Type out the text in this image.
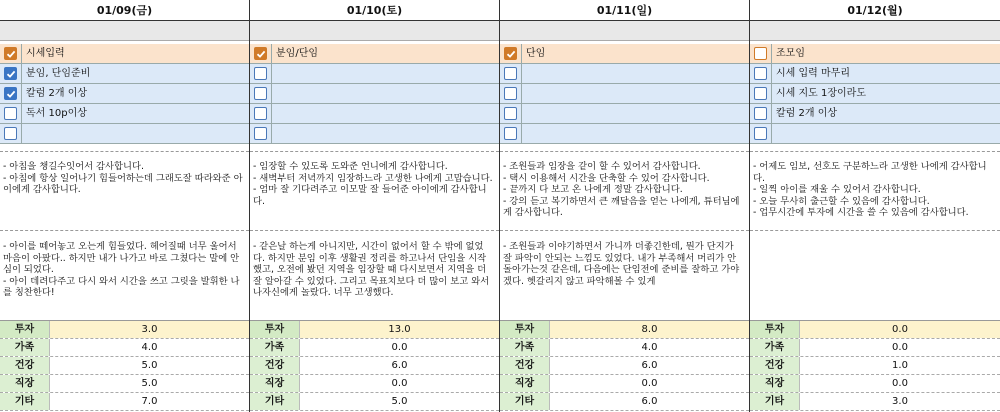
01/09(금)
시세입력
분임, 단임준비
칼럼 2개 이상
독서 10p이상
- 아침을 챙길수잇어서 감사합니다.
- 아침에 항상 일어나기 힘들어하는데 그래도잘 따라와준 아이에게 감사합니다.
- 아이를 떼어놓고 오는게 힘들었다. 헤어질때 너무 울어서 마음이 아팠다.. 하지만 내가 나가고 바로 그쳤다는 말에 안심이 되었다.
- 아이 데려다주고 다시 와서 시간을 쓰고 그릿을 발휘한 나를 칭찬한다!
투자	3.0
가족	4.0
건강	5.0
직장	5.0
기타	7.0
01/10(토)
분임/단임
- 임장할 수 있도록 도와준 언니에게 감사합니다.
- 새벽부터 저녁까지 임장하느라 고생한 나에게 고맙습니다.
- 엄마 잘 기다려주고 이모말 잘 들어준 아이에게 감사합니다.
- 같은날 하는게 아니지만, 시간이 없어서 할 수 밖에 없었다. 하지만 분임 이후 생활권 정리를 하고나서 단임을 시작했고, 오전에 봤던 지역을 임장할 때 다시보면서 지역을 더 잘 알아갈 수 있었다. 그리고 목표치보다 더 많이 보고 와서 나자신에게 놀랐다. 너무 고생했다.
투자	13.0
가족	0.0
건강	6.0
직장	0.0
기타	5.0
01/11(일)
단임
- 조원들과 임장을 같이 할 수 있어서 감사합니다.
- 택시 이용해서 시간을 단축할 수 있어 감사합니다.
- 끝까지 다 보고 온 나에게 정말 감사합니다.
- 강의 듣고 복기하면서 큰 깨달음을 얻는 나에게, 튜터님에게 감사합니다.
- 조원들과 이야기하면서 가니까 더좋긴한데, 뭔가 단지가 잘 파악이 안되는 느낌도 있었다. 내가 부족해서 머리가 안돌아가는것 같은데, 다음에는 단임전에 준비를 잘하고 가야겠다. 헷갈리지 않고 파악해볼 수 있게
투자	8.0
가족	4.0
건강	6.0
직장	0.0
기타	6.0
01/12(월)
조모임
시세 입력 마무리
시세 지도 1장이라도
칼럼 2개 이상
- 어제도 임보, 선호도 구분하느라 고생한 나에게 감사합니다.
- 일찍 아이를 재울 수 있어서 감사합니다.
- 오늘 무사히 출근할 수 있음에 감사합니다.
- 업무시간에 투자에 시간을 쓸 수 있음에 감사합니다.
투자	0.0
가족	0.0
건강	1.0
직장	0.0
기타	3.0
